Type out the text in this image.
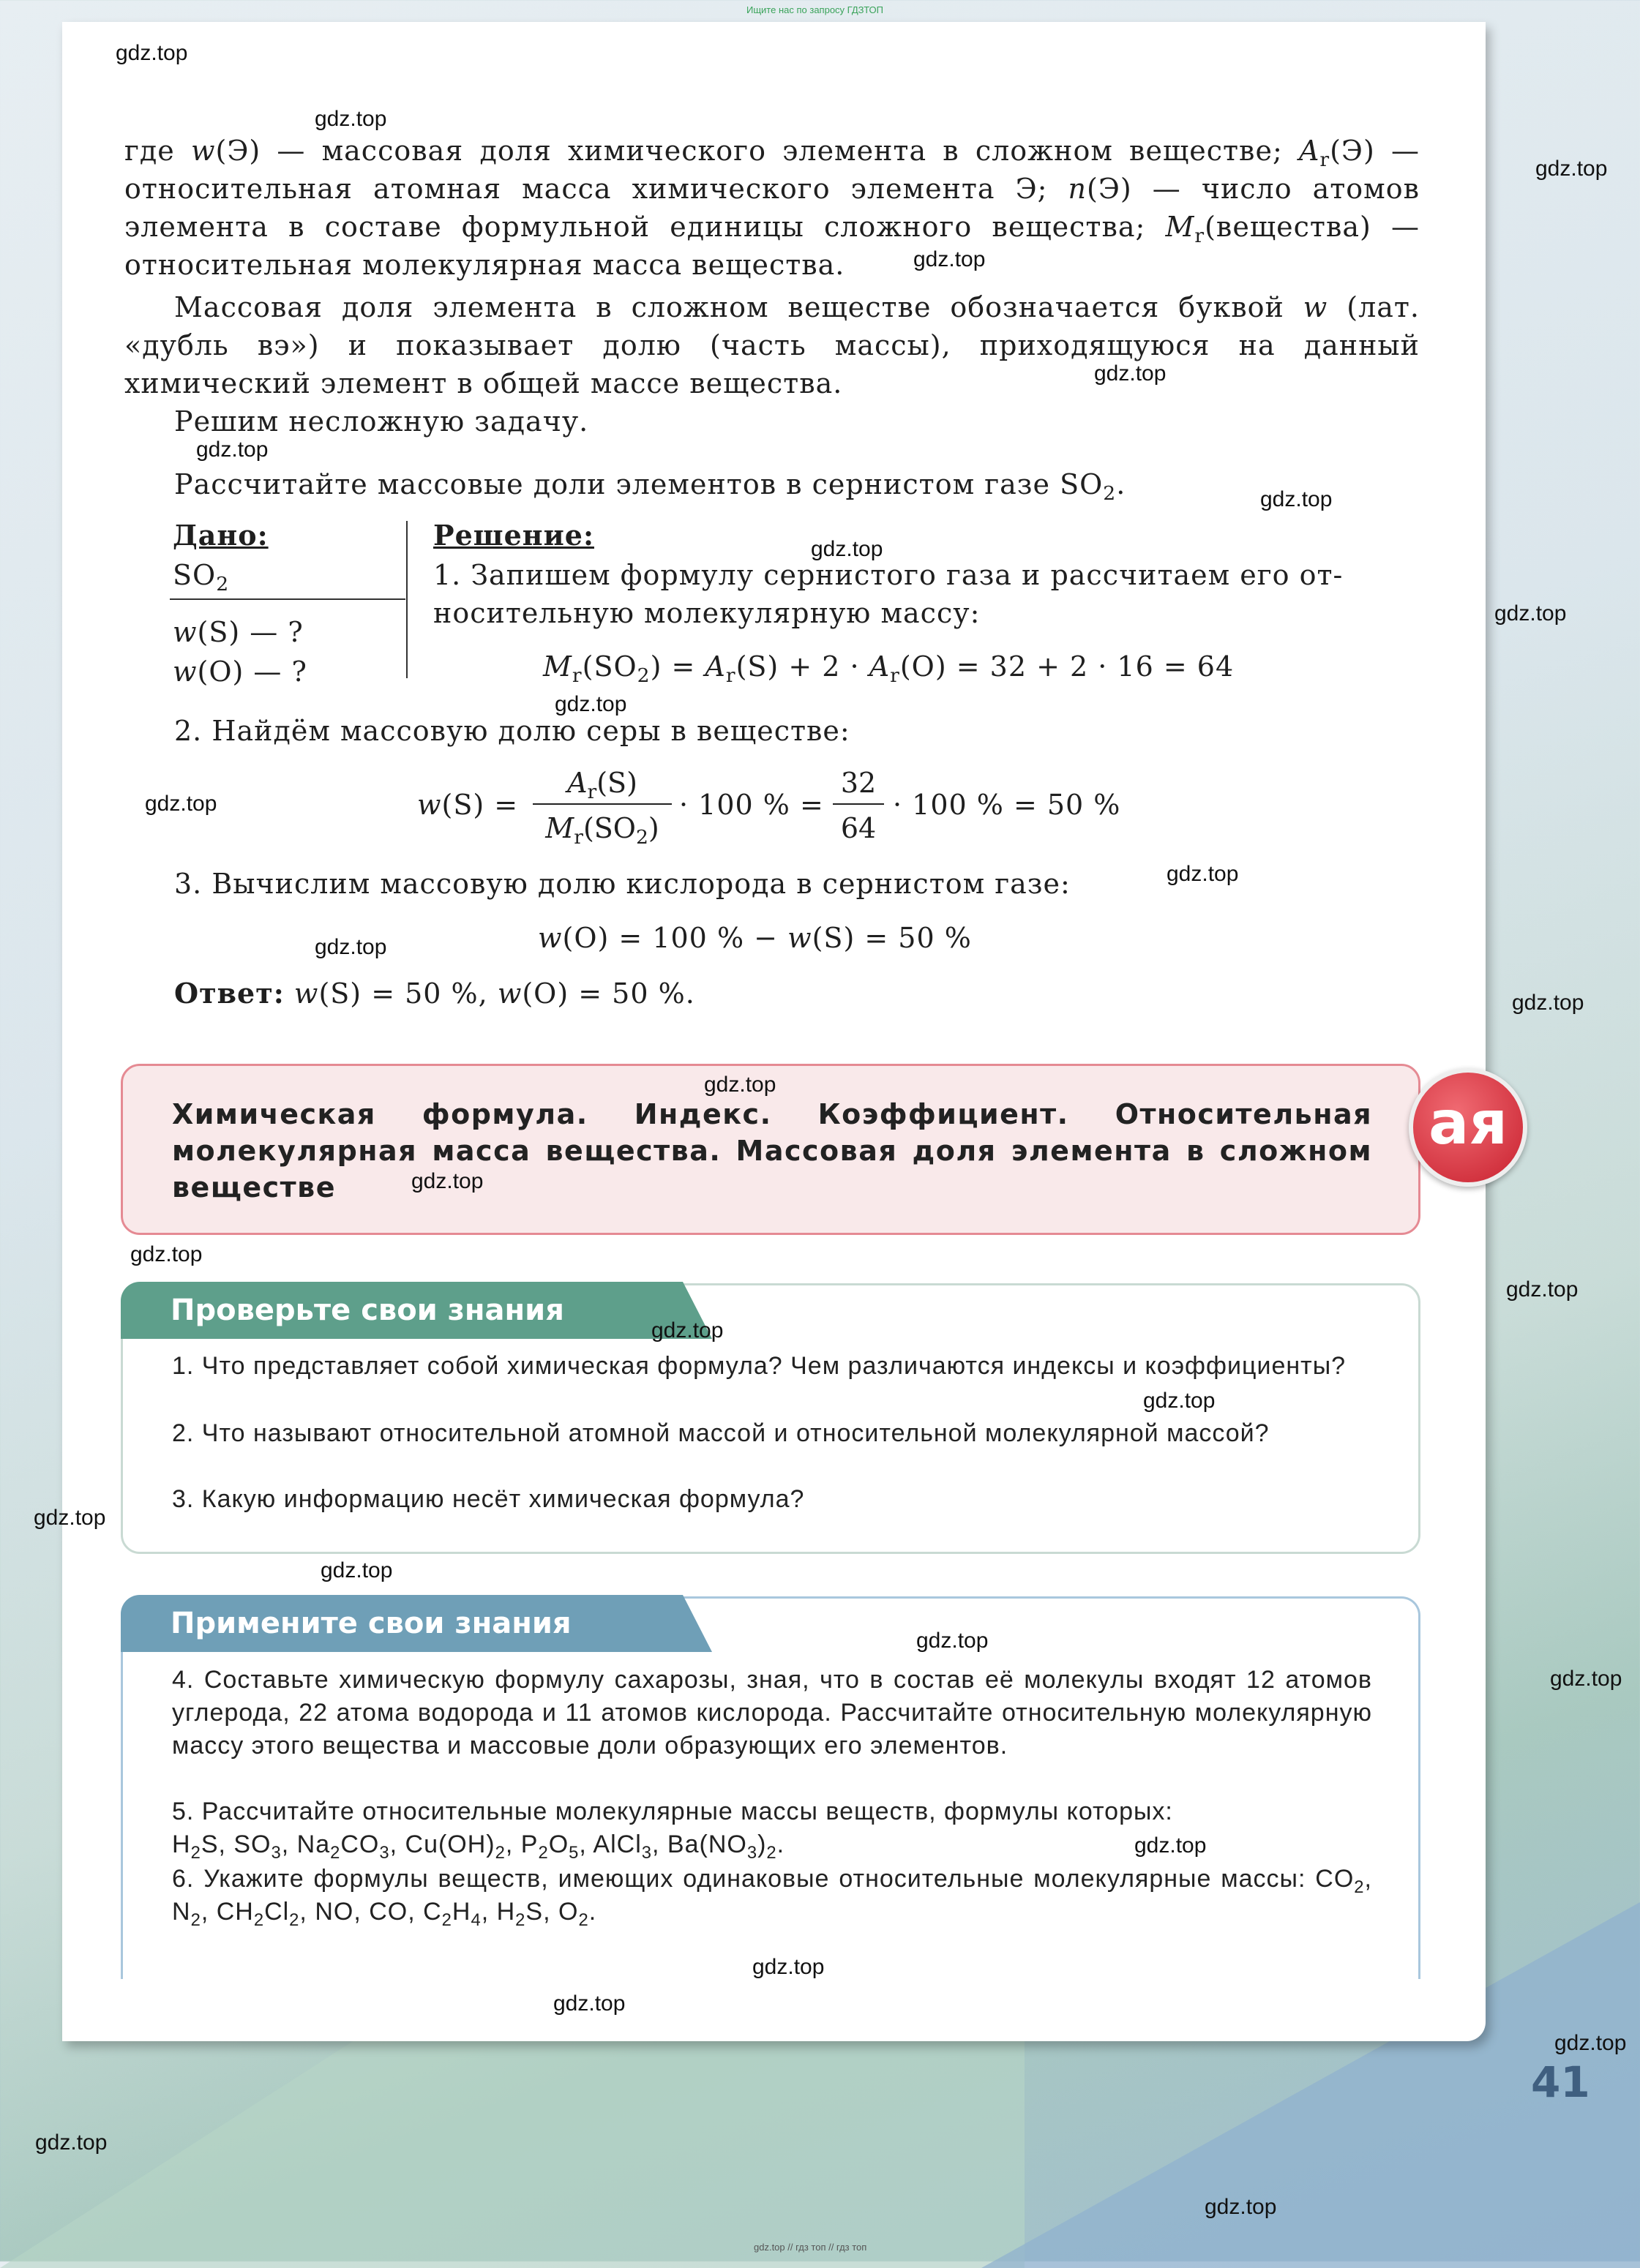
Ищите нас по запросу ГДЗТОП
где w(Э) — массовая доля химического элемента в сложном веществе; $A_r(Э)$ — относительная атомная масса химического элемента Э; n(Э) — число атомов элемента в составе формульной единицы сложного вещества; $M_r(вещества)$ — относительная молекулярная масса вещества.
Массовая доля элемента в сложном веществе обозначается буквой w (лат. «дубль вэ») и показывает долю (часть массы), приходящуюся на данный химический элемент в общей массе вещества.
Решим несложную задачу.
Рассчитайте массовые доли элементов в сернистом газе $SO_2$.
Дано:
$SO_2$
w(S) — ?
w(O) — ?
Решение:
1. Запишем формулу сернистого газа и рассчитаем его от-
носительную молекулярную массу:
$M_r(SO_2) = A_r(S) + 2 \cdot A_r(O) = 32 + 2 \cdot 16 = 64$
2. Найдём массовую долю серы в веществе:
w(S) =
$A_r(S)$
$M_r(SO_2)$
· 100 % =
32
64
· 100 % = 50 %
3. Вычислим массовую долю кислорода в сернистом газе:
w(O) = 100 % − w(S) = 50 %
Ответ: w(S) = 50 %, w(O) = 50 %.
Химическая формула. Индекс. Коэффициент. Относительная молекулярная масса вещества. Массовая доля элемента в сложном веществе
ая
Проверьте свои знания
1. Что представляет собой химическая формула? Чем различаются индексы и коэффициенты?
2. Что называют относительной атомной массой и относительной молекулярной массой?
3. Какую информацию несёт химическая формула?
Примените свои знания
4. Составьте химическую формулу сахарозы, зная, что в состав её молекулы входят 12 атомов углерода, 22 атома водорода и 11 атомов кислорода. Рассчитайте относительную молекулярную массу этого вещества и массовые доли образующих его элементов.
5. Рассчитайте относительные молекулярные массы веществ, формулы которых:
$H_2S$, $SO_3$, $Na_2CO_3$, $Cu(OH)_2$, $P_2O_5$, AlCl$_3$, $Ba(NO_3)_2$.
6. Укажите формулы веществ, имеющих одинаковые относительные молекулярные массы: $CO_2$, $N_2$, $CH_2Cl_2$, NO, CO, $C_2H_4$, $H_2S$, $O_2$.
41
gdz.top // гдз топ // гдз топ
gdz.top
gdz.top
gdz.top
gdz.top
gdz.top
gdz.top
gdz.top
gdz.top
gdz.top
gdz.top
gdz.top
gdz.top
gdz.top
gdz.top
gdz.top
gdz.top
gdz.top
gdz.top
gdz.top
gdz.top
gdz.top
gdz.top
gdz.top
gdz.top
gdz.top
gdz.top
gdz.top
gdz.top
gdz.top
gdz.top
